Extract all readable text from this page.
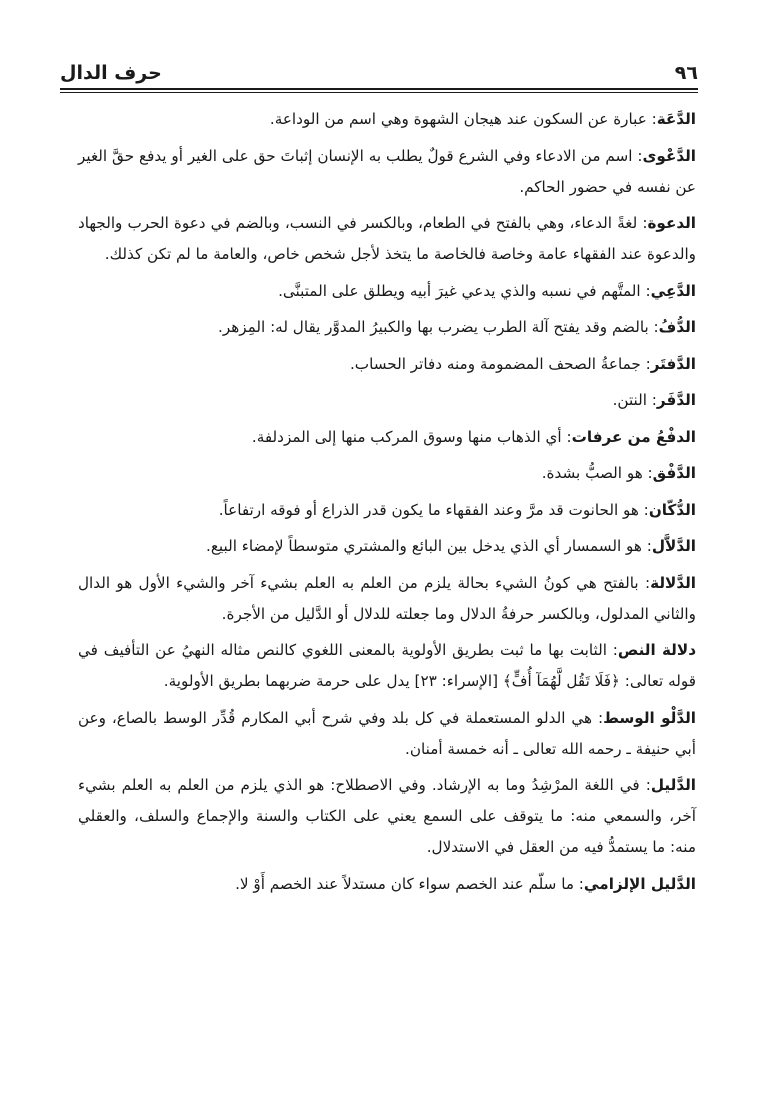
حرف الدال	٩٦

الدَّعَة: عبارة عن السكون عند هيجان الشهوة وهي اسم من الوداعة.

الدَّعْوى: اسم من الادعاء وفي الشرع قولٌ يطلب به الإنسان إثباتَ حق على الغير أو يدفع حقَّ الغير عن نفسه في حضور الحاكم.

الدعوة: لغةً الدعاء، وهي بالفتح في الطعام، وبالكسر في النسب، وبالضم في دعوة الحرب والجهاد والدعوة عند الفقهاء عامة وخاصة فالخاصة ما يتخذ لأجل شخص خاص، والعامة ما لم تكن كذلك.

الدَّعِي: المتَّهم في نسبه والذي يدعي غيرَ أبيه ويطلق على المتبنَّى.

الدُّفُ: بالضم وقد يفتح آلة الطرب يضرب بها والكبيرُ المدوَّر يقال له: المِزهر.

الدَّفتَر: جماعةُ الصحف المضمومة ومنه دفاتر الحساب.

الدَّفَر: النتن.

الدفْعُ من عرفات: أي الذهاب منها وسوق المركب منها إلى المزدلفة.

الدَّفْق: هو الصبُّ بشدة.

الدُّكّان: هو الحانوت قد مرَّ وعند الفقهاء ما يكون قدر الذراع أو فوقه ارتفاعاً.

الدَّلاَّل: هو السمسار أي الذي يدخل بين البائع والمشتري متوسطاً لإمضاء البيع.

الدَّلالة: بالفتح هي كونُ الشيء بحالة يلزم من العلم به العلم بشيء آخر والشيء الأول هو الدال والثاني المدلول، وبالكسر حرفةُ الدلال وما جعلته للدلال أو الدَّليل من الأجرة.

دلالة النص: الثابت بها ما ثبت بطريق الأولوية بالمعنى اللغوي كالنص مثاله النهيُ عن التأفيف في قوله تعالى: ﴿فَلَا تَقُل لَّهُمَآ أُفٍّ﴾ [الإسراء: ٢٣] يدل على حرمة ضربهما بطريق الأولوية.

الدَّلْو الوسط: هي الدلو المستعملة في كل بلد وفي شرح أبي المكارم قُدِّر الوسط بالصاع، وعن أبي حنيفة ـ رحمه الله تعالى ـ أنه خمسة أمنان.

الدَّليل: في اللغة المرْشِدُ وما به الإرشاد. وفي الاصطلاح: هو الذي يلزم من العلم به العلم بشيء آخر، والسمعي منه: ما يتوقف على السمع يعني على الكتاب والسنة والإجماع والسلف، والعقلي منه: ما يستمدُّ فيه من العقل في الاستدلال.

الدَّليل الإلزامي: ما سلّم عند الخصم سواء كان مستدلاً عند الخصم أَوْ لا.
